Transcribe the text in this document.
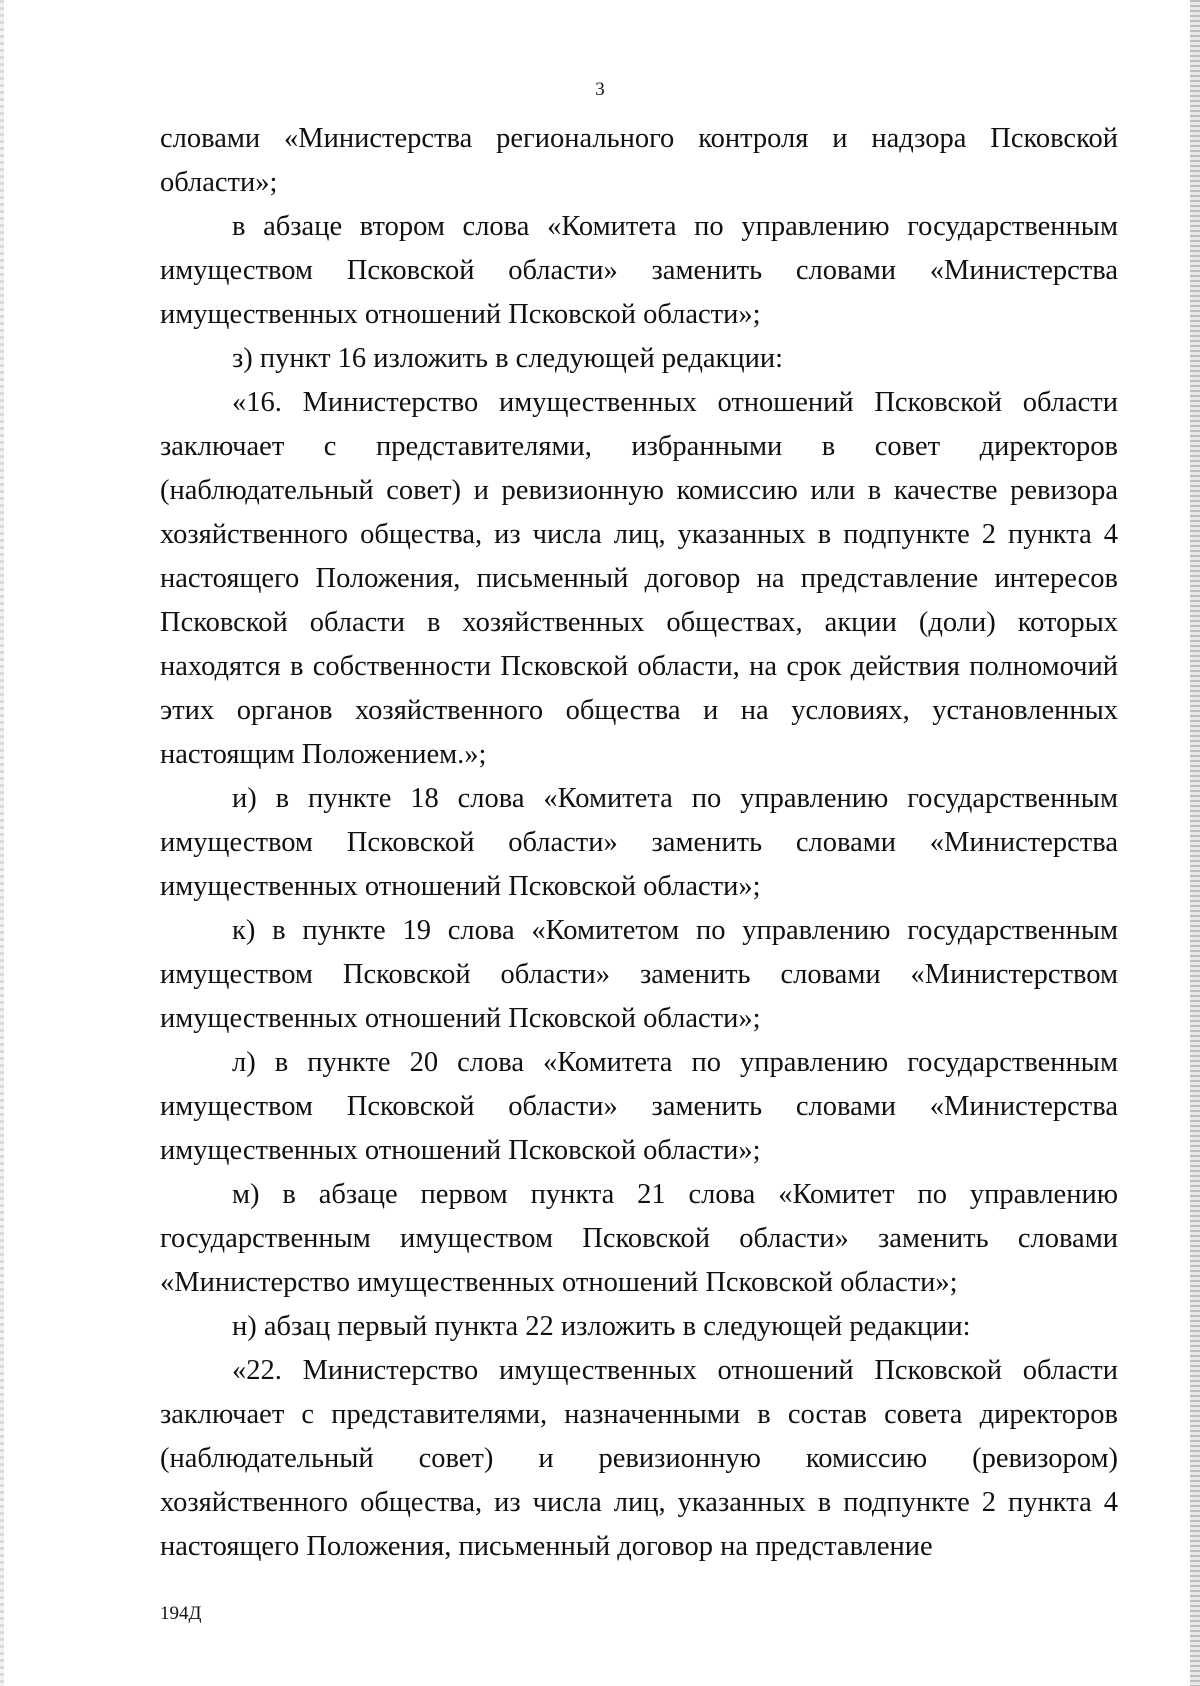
3

словами «Министерства регионального контроля и надзора Псковской области»;

в абзаце втором слова «Комитета по управлению государственным имуществом Псковской области» заменить словами «Министерства имущественных отношений Псковской области»;

з) пункт 16 изложить в следующей редакции:

«16. Министерство имущественных отношений Псковской области заключает с представителями, избранными в совет директоров (наблюдательный совет) и ревизионную комиссию или в качестве ревизора хозяйственного общества, из числа лиц, указанных в подпункте 2 пункта 4 настоящего Положения, письменный договор на представление интересов Псковской области в хозяйственных обществах, акции (доли) которых находятся в собственности Псковской области, на срок действия полномочий этих органов хозяйственного общества и на условиях, установленных настоящим Положением.»;

и) в пункте 18 слова «Комитета по управлению государственным имуществом Псковской области» заменить словами «Министерства имущественных отношений Псковской области»;

к) в пункте 19 слова «Комитетом по управлению государственным имуществом Псковской области» заменить словами «Министерством имущественных отношений Псковской области»;

л) в пункте 20 слова «Комитета по управлению государственным имуществом Псковской области» заменить словами «Министерства имущественных отношений Псковской области»;

м) в абзаце первом пункта 21 слова «Комитет по управлению государственным имуществом Псковской области» заменить словами «Министерство имущественных отношений Псковской области»;

н) абзац первый пункта 22 изложить в следующей редакции:

«22. Министерство имущественных отношений Псковской области заключает с представителями, назначенными в состав совета директоров (наблюдательный совет) и ревизионную комиссию (ревизором) хозяйственного общества, из числа лиц, указанных в подпункте 2 пункта 4 настоящего Положения, письменный договор на представление

194Д
